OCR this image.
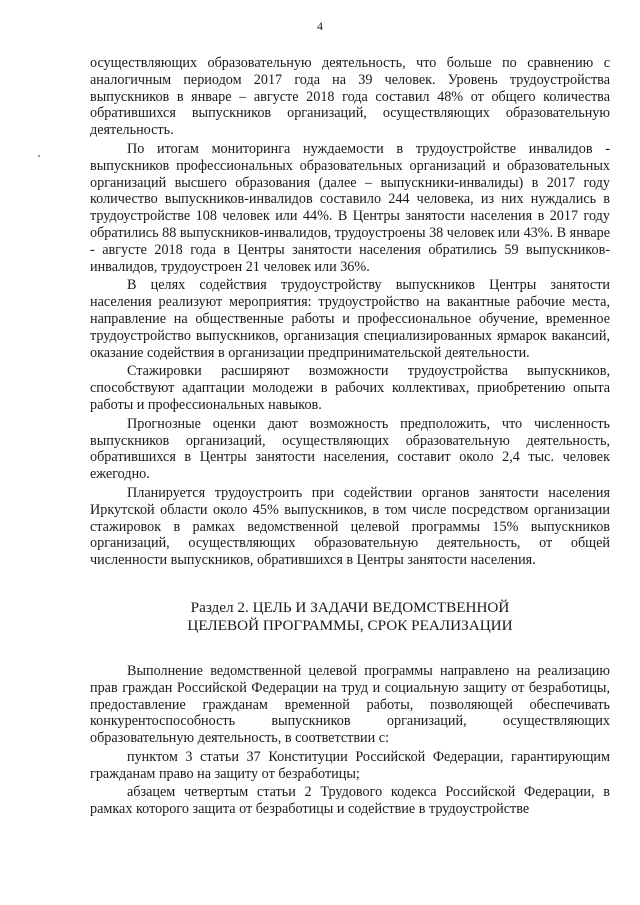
4

осуществляющих образовательную деятельность, что больше по сравнению с аналогичным периодом 2017 года на 39 человек. Уровень трудоустройства выпускников в январе – августе 2018 года составил 48% от общего количества обратившихся выпускников организаций, осуществляющих образовательную деятельность.

По итогам мониторинга нуждаемости в трудоустройстве инвалидов - выпускников профессиональных образовательных организаций и образовательных организаций высшего образования (далее – выпускники-инвалиды) в 2017 году количество выпускников-инвалидов составило 244 человека, из них нуждались в трудоустройстве 108 человек или 44%. В Центры занятости населения в 2017 году обратились 88 выпускников-инвалидов, трудоустроены 38 человек или 43%. В январе - августе 2018 года в Центры занятости населения обратились 59 выпускников-инвалидов, трудоустроен 21 человек или 36%.

В целях содействия трудоустройству выпускников Центры занятости населения реализуют мероприятия: трудоустройство на вакантные рабочие места, направление на общественные работы и профессиональное обучение, временное трудоустройство выпускников, организация специализированных ярмарок вакансий, оказание содействия в организации предпринимательской деятельности.

Стажировки расширяют возможности трудоустройства выпускников, способствуют адаптации молодежи в рабочих коллективах, приобретению опыта работы и профессиональных навыков.

Прогнозные оценки дают возможность предположить, что численность выпускников организаций, осуществляющих образовательную деятельность, обратившихся в Центры занятости населения, составит около 2,4 тыс. человек ежегодно.

Планируется трудоустроить при содействии органов занятости населения Иркутской области около 45% выпускников, в том числе посредством организации стажировок в рамках ведомственной целевой программы 15% выпускников организаций, осуществляющих образовательную деятельность, от общей численности выпускников, обратившихся в Центры занятости населения.

Раздел 2. ЦЕЛЬ И ЗАДАЧИ ВЕДОМСТВЕННОЙ
ЦЕЛЕВОЙ ПРОГРАММЫ, СРОК РЕАЛИЗАЦИИ

Выполнение ведомственной целевой программы направлено на реализацию прав граждан Российской Федерации на труд и социальную защиту от безработицы, предоставление гражданам временной работы, позволяющей обеспечивать конкурентоспособность выпускников организаций, осуществляющих образовательную деятельность, в соответствии с:

пунктом 3 статьи 37 Конституции Российской Федерации, гарантирующим гражданам право на защиту от безработицы;

абзацем четвертым статьи 2 Трудового кодекса Российской Федерации, в рамках которого защита от безработицы и содействие в трудоустройстве
